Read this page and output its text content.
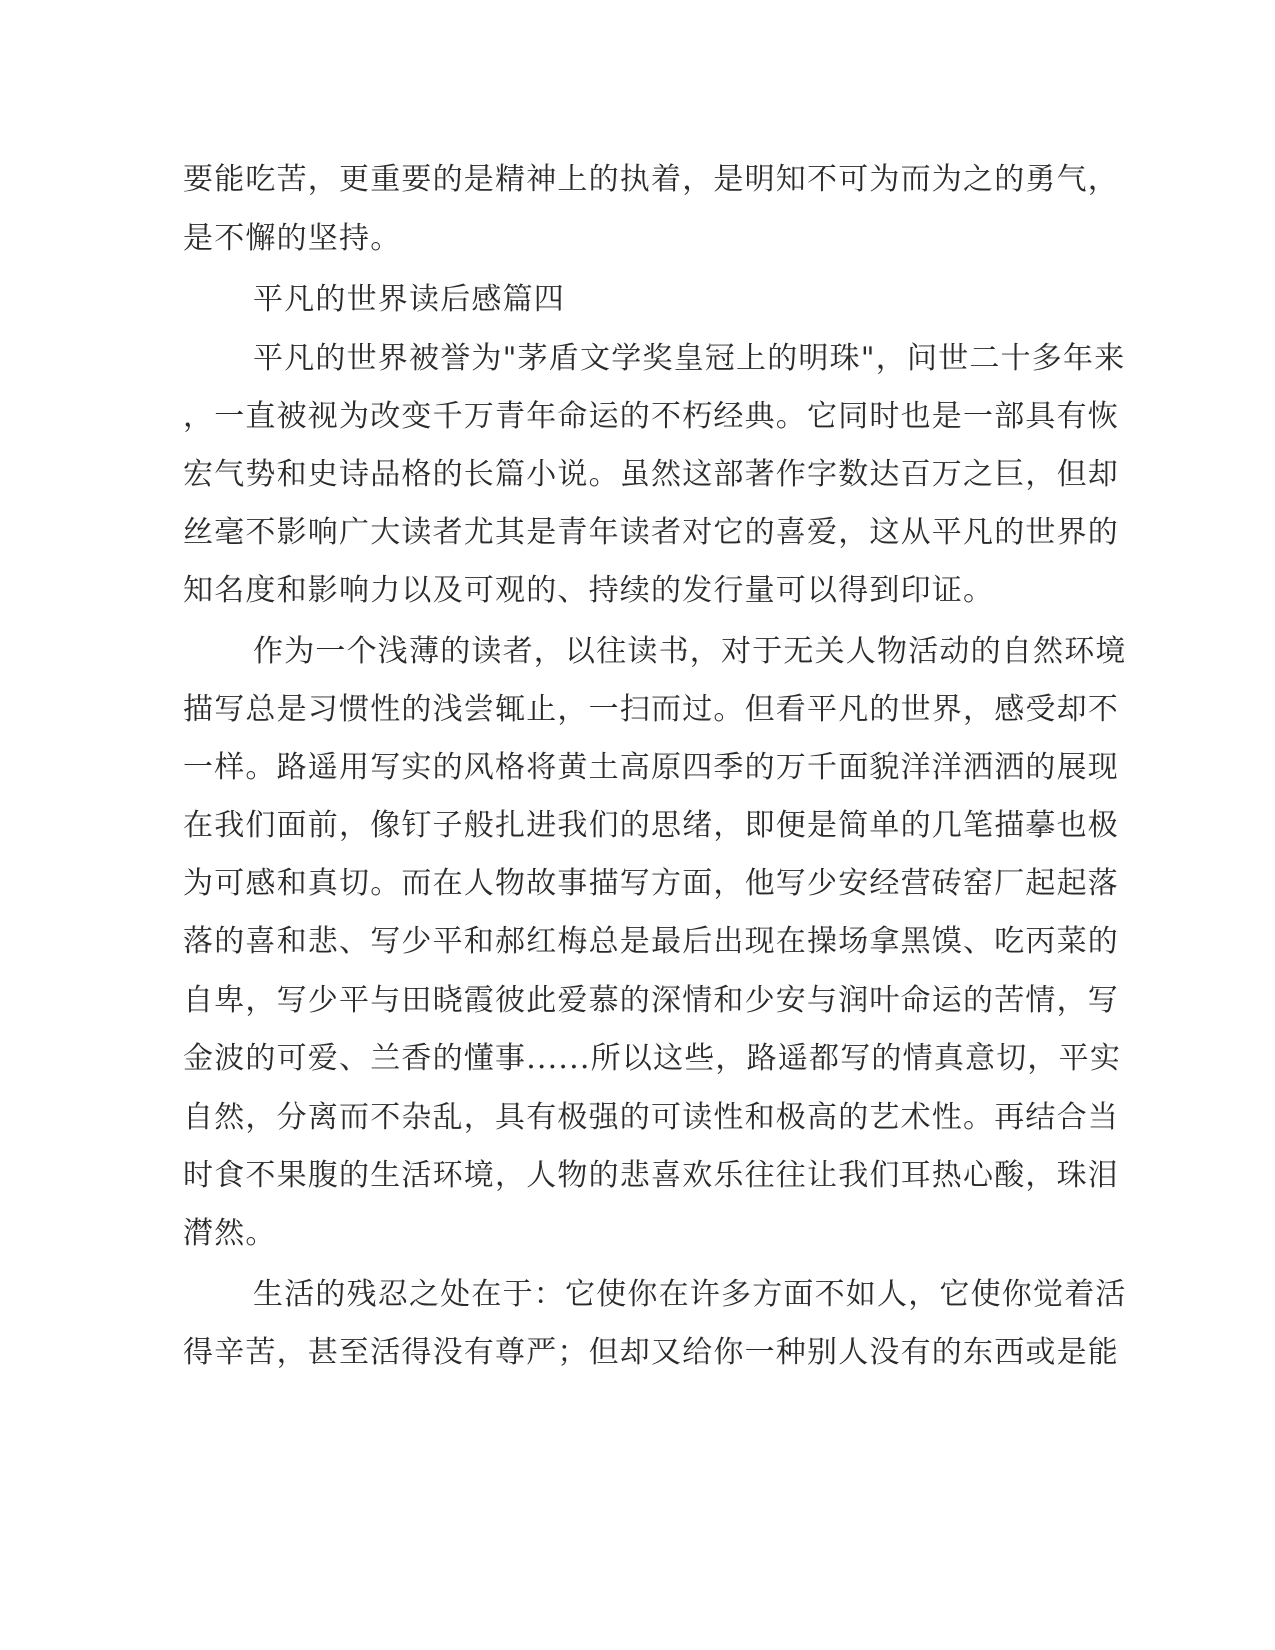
要能吃苦，更重要的是精神上的执着，是明知不可为而为之的勇气，

是不懈的坚持。

平凡的世界读后感篇四

平凡的世界被誉为"茅盾文学奖皇冠上的明珠"，问世二十多年来

，一直被视为改变千万青年命运的不朽经典。它同时也是一部具有恢

宏气势和史诗品格的长篇小说。虽然这部著作字数达百万之巨，但却

丝毫不影响广大读者尤其是青年读者对它的喜爱，这从平凡的世界的

知名度和影响力以及可观的、持续的发行量可以得到印证。

作为一个浅薄的读者，以往读书，对于无关人物活动的自然环境

描写总是习惯性的浅尝辄止，一扫而过。但看平凡的世界，感受却不

一样。路遥用写实的风格将黄土高原四季的万千面貌洋洋洒洒的展现

在我们面前，像钉子般扎进我们的思绪，即便是简单的几笔描摹也极

为可感和真切。而在人物故事描写方面，他写少安经营砖窑厂起起落

落的喜和悲、写少平和郝红梅总是最后出现在操场拿黑馍、吃丙菜的

自卑，写少平与田晓霞彼此爱慕的深情和少安与润叶命运的苦情，写

金波的可爱、兰香的懂事......所以这些，路遥都写的情真意切，平实

自然，分离而不杂乱，具有极强的可读性和极高的艺术性。再结合当

时食不果腹的生活环境，人物的悲喜欢乐往往让我们耳热心酸，珠泪

潸然。

生活的残忍之处在于：它使你在许多方面不如人，它使你觉着活

得辛苦，甚至活得没有尊严；但却又给你一种别人没有的东西或是能
